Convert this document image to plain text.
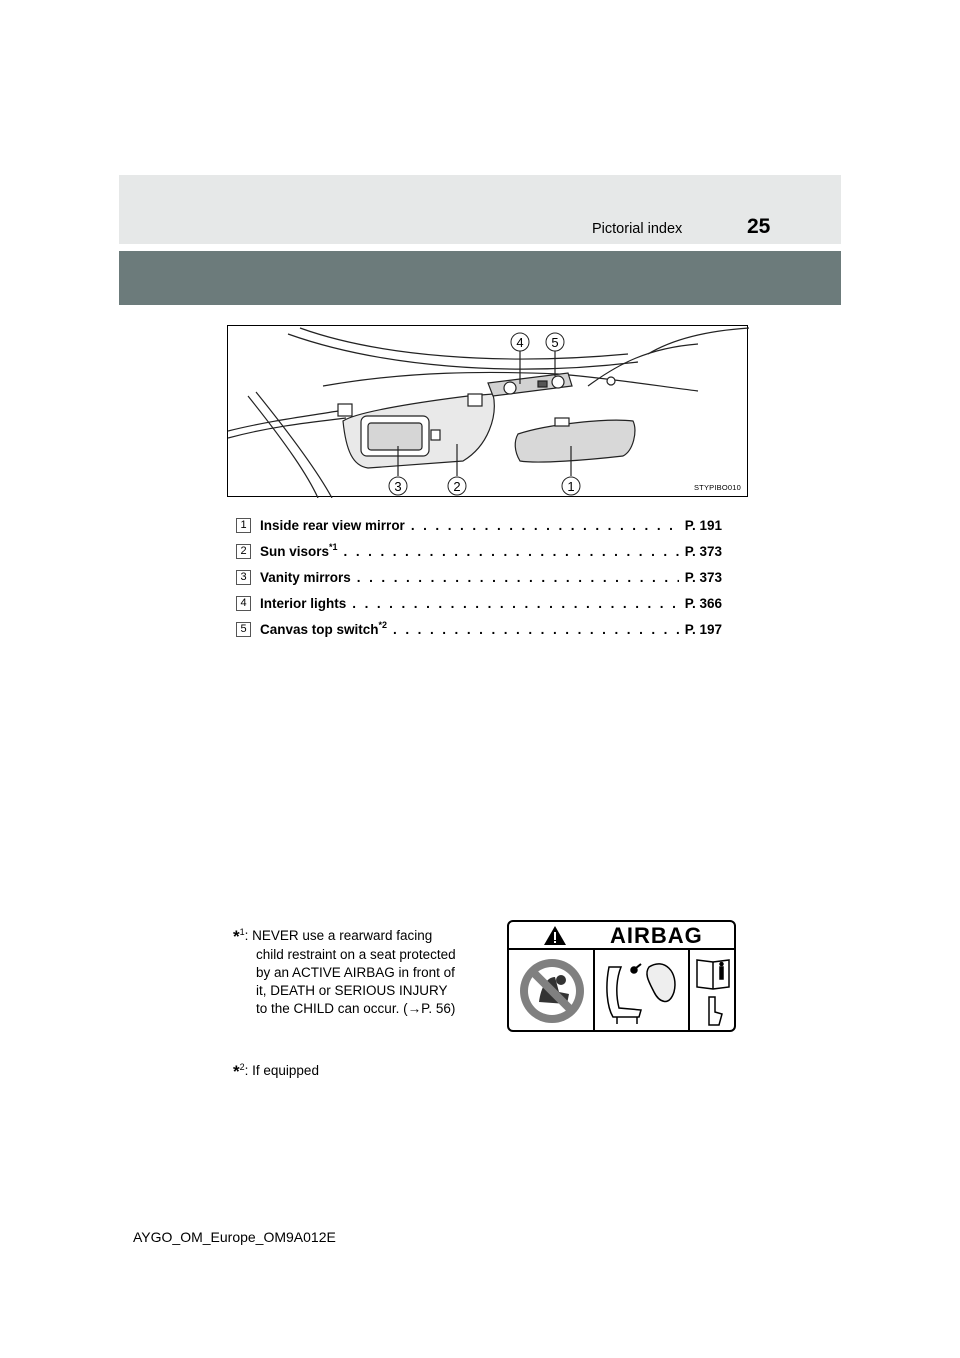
Pictorial index	25
4 5
3	2	1	STYPIBO010
1 Inside rear view mirror . . .	P. 191
2 Sun visors$^{*1}$ . . .	P. 373
3 Vanity mirrors . . .	P. 373
4 Interior lights . . .	P. 366
5 Canvas top switch$^{*2}$ . . .	P. 197
*$^1$: NEVER use a rearward facing
child restraint on a seat protected
by an ACTIVE AIRBAG in front of
it, DEATH or SERIOUS INJURY
to the CHILD can occur. (→P. 56)
*$^2$: If equipped
AIRBAG
AYGO_OM_Europe_OM9A012E
